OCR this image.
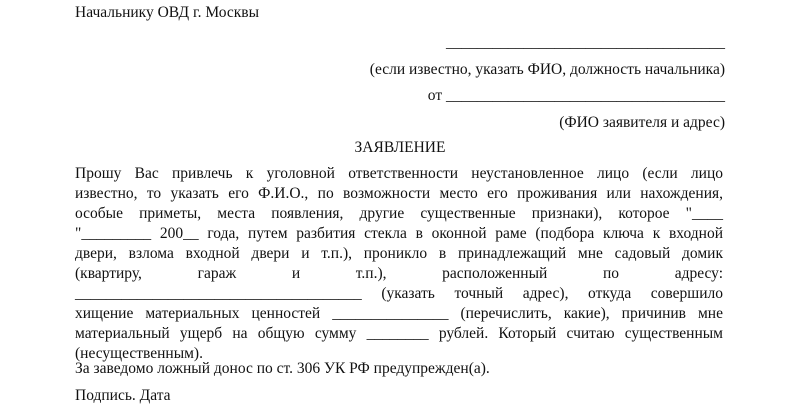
Начальнику ОВД г. Москвы
____________________________________
(если известно, указать ФИО, должность начальника)
от ____________________________________
(ФИО заявителя и адрес)
ЗАЯВЛЕНИЕ
Прошу Вас привлечь к уголовной ответственности неустановленное лицо (если лицо
известно, то указать его Ф.И.О., по возможности место его проживания или нахождения,
особые приметы, места появления, другие существенные признаки), которое "____
"_________ 200__ года, путем разбития стекла в оконной раме (подбора ключа к входной
двери, взлома входной двери и т.п.), проникло в принадлежащий мне садовый домик
(квартиру, гараж и т.п.), расположенный по адресу:
_____________________________________ (указать точный адрес), откуда совершило
хищение материальных ценностей _______________ (перечислить, какие), причинив мне
материальный ущерб на общую сумму ________ рублей. Который считаю существенным
(несущественным).
За заведомо ложный донос по ст. 306 УК РФ предупрежден(а).
Подпись. Дата
